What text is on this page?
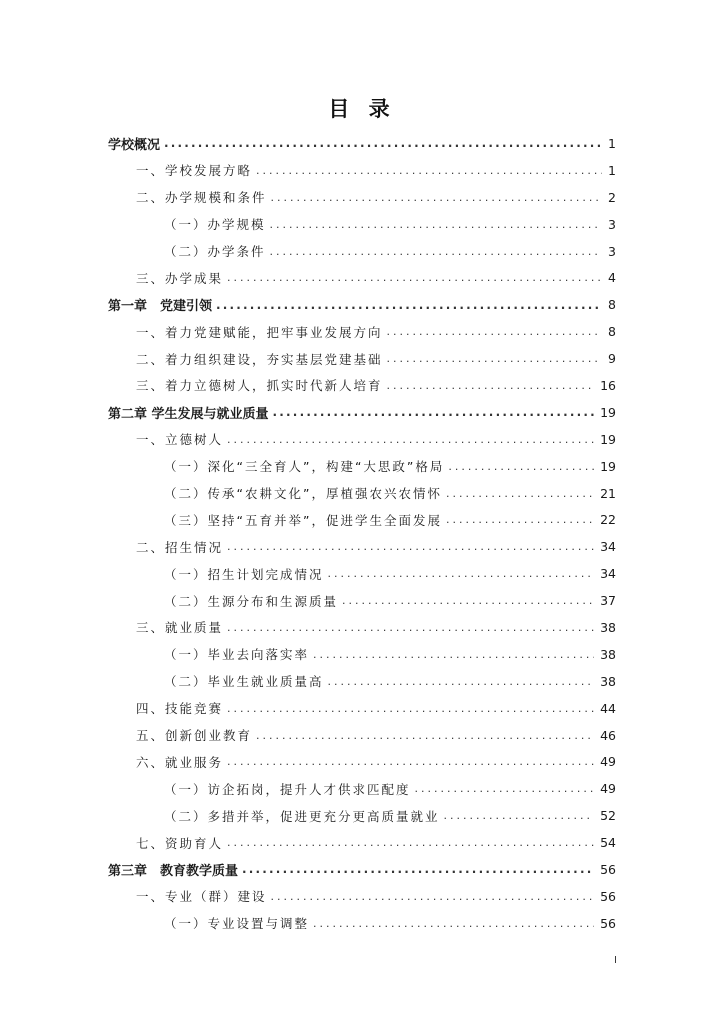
目 录
学校概况 .....	1
一、学校发展方略 .....	1
二、办学规模和条件 .....	2
（一）办学规模 .....	3
（二）办学条件 .....	3
三、办学成果 .....	4
第一章　党建引领 .....	8
一、着力党建赋能，把牢事业发展方向 .....	8
二、着力组织建设，夯实基层党建基础 .....	9
三、着力立德树人，抓实时代新人培育 .....	16
第二章 学生发展与就业质量 .....	19
一、立德树人 .....	19
（一）深化“三全育人”，构建“大思政”格局 .....	19
（二）传承“农耕文化”，厚植强农兴农情怀 .....	21
（三）坚持“五育并举”，促进学生全面发展 .....	22
二、招生情况 .....	34
（一）招生计划完成情况 .....	34
（二）生源分布和生源质量 .....	37
三、就业质量 .....	38
（一）毕业去向落实率 .....	38
（二）毕业生就业质量高 .....	38
四、技能竞赛 .....	44
五、创新创业教育 .....	46
六、就业服务 .....	49
（一）访企拓岗，提升人才供求匹配度 .....	49
（二）多措并举，促进更充分更高质量就业 .....	52
七、资助育人 .....	54
第三章　教育教学质量 .....	56
一、专业（群）建设 .....	56
（一）专业设置与调整 .....	56
I
